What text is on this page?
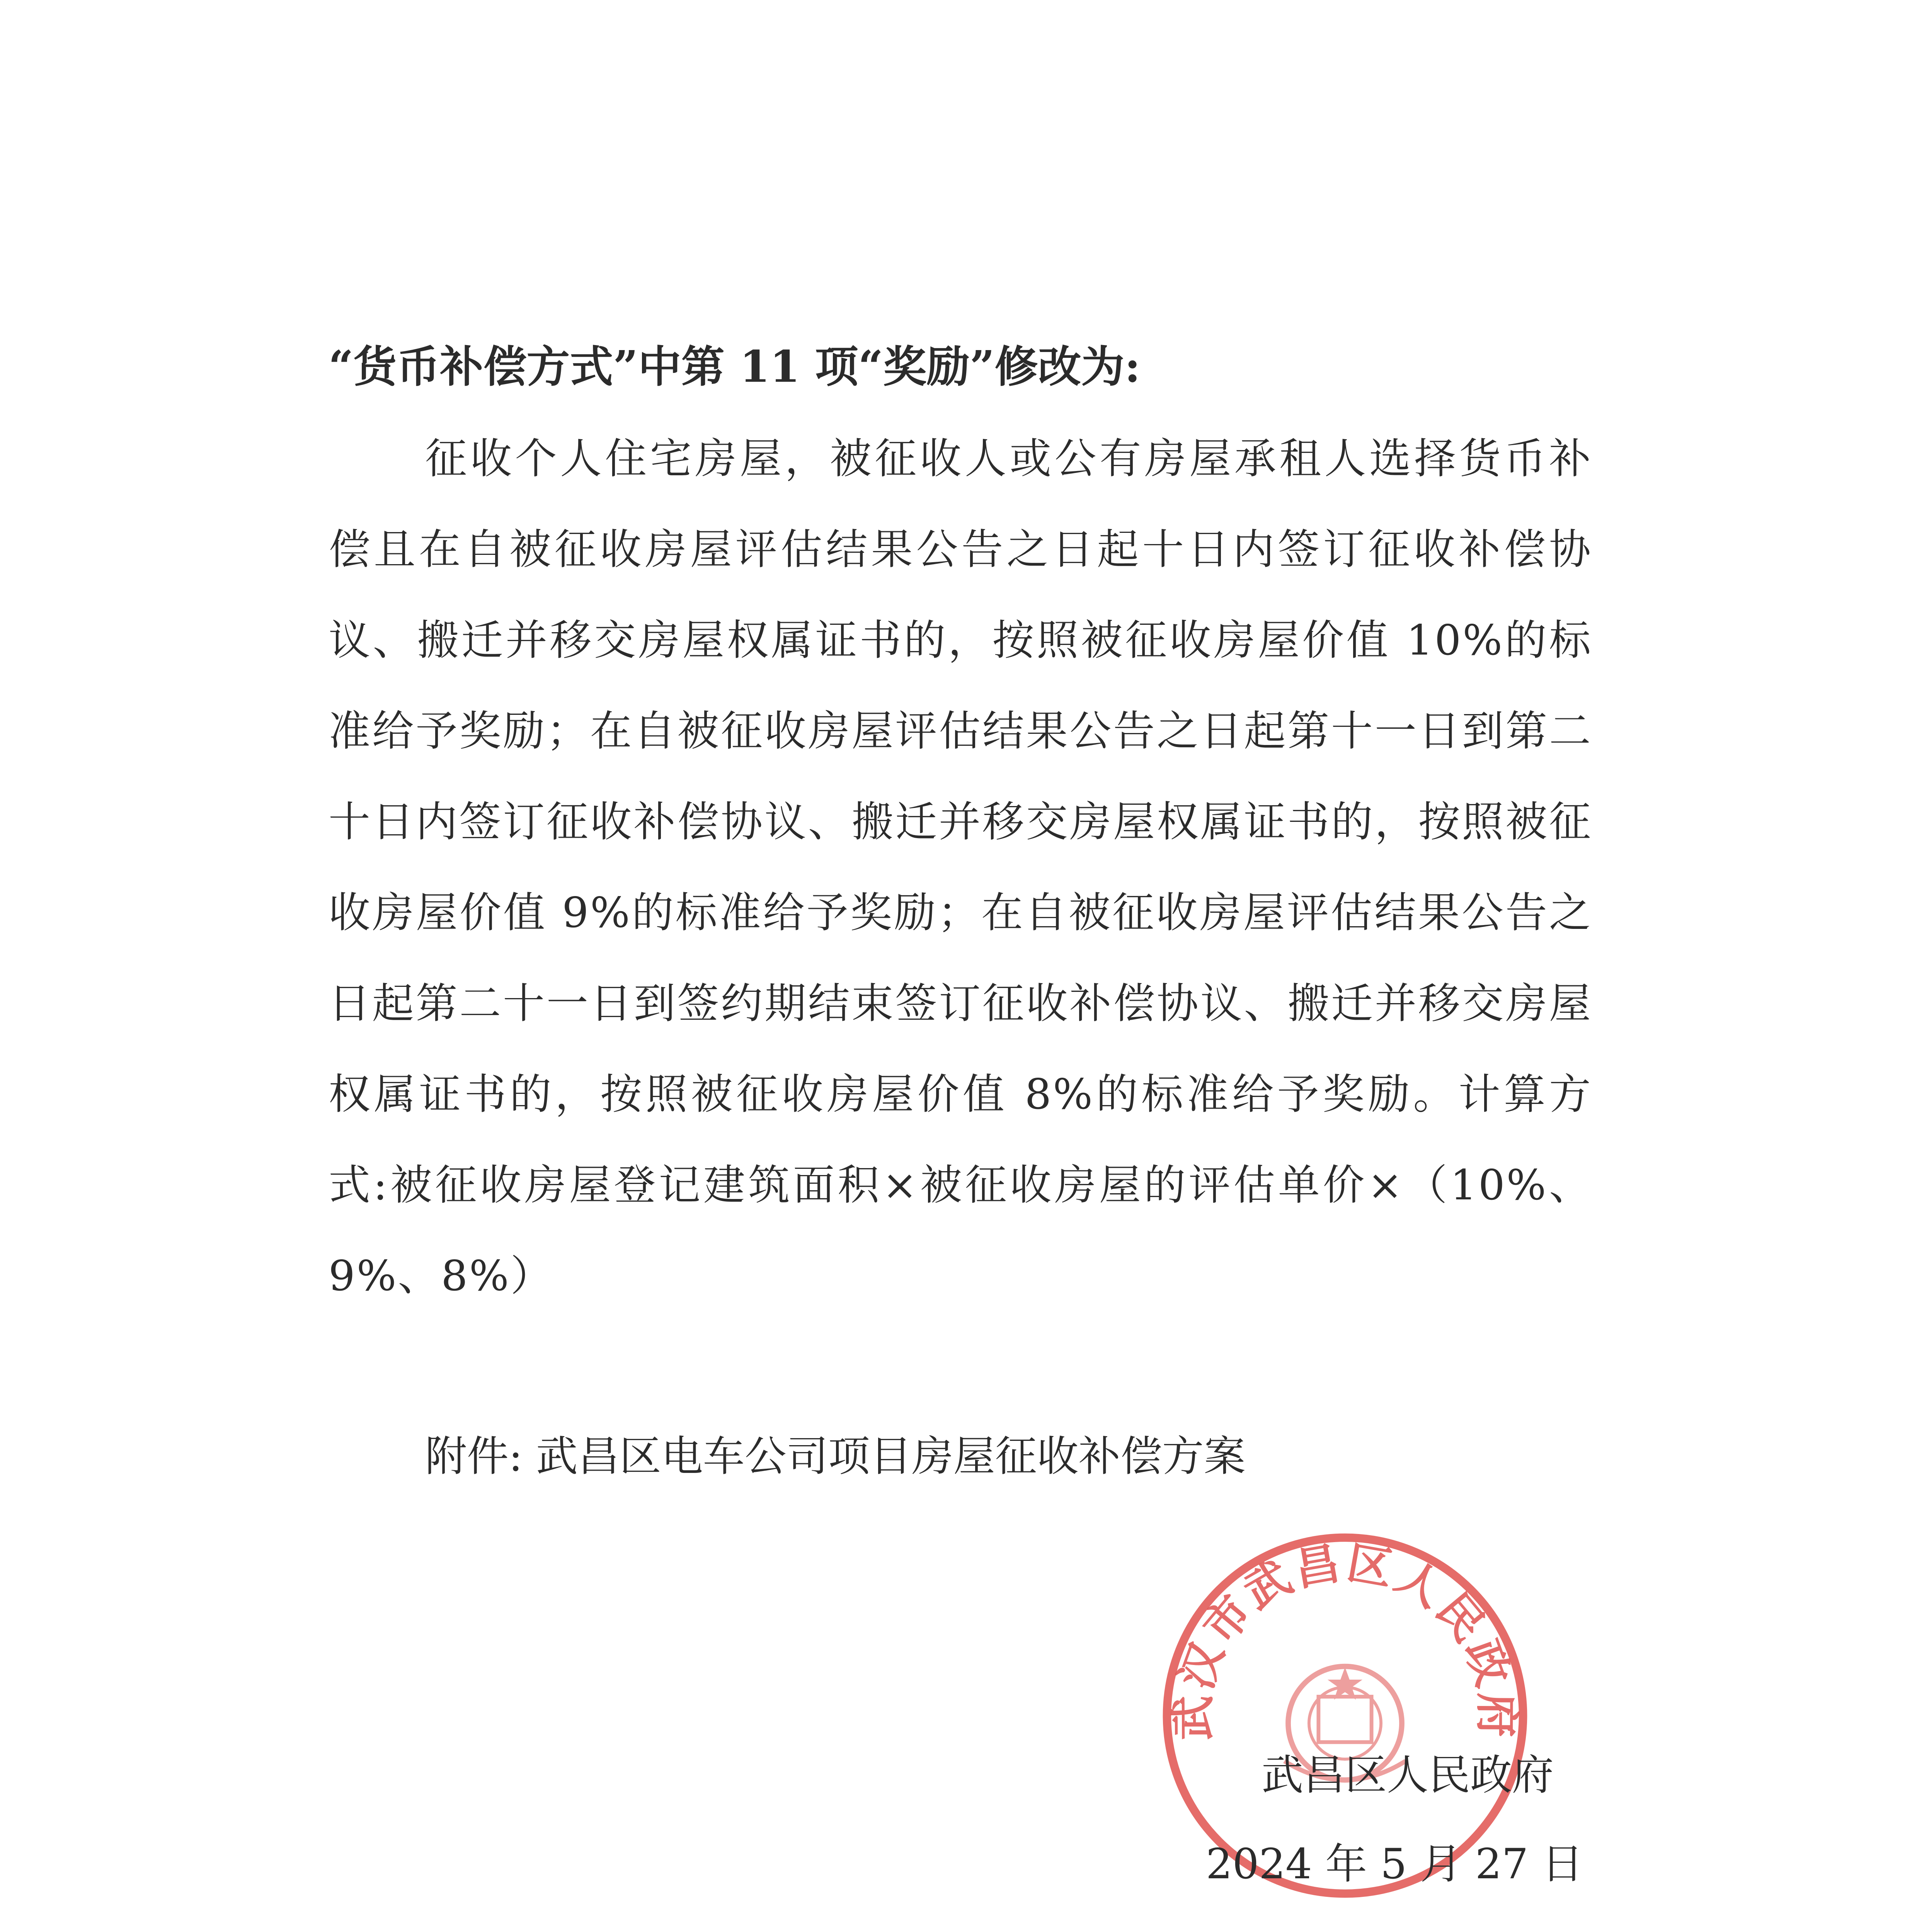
“货币补偿方式”中第 11 项“奖励”修改为:
征收个人住宅房屋，被征收人或公有房屋承租人选择货币补偿且在自被征收房屋评估结果公告之日起十日内签订征收补偿协议、搬迁并移交房屋权属证书的，按照被征收房屋价值 10%的标准给予奖励；在自被征收房屋评估结果公告之日起第十一日到第二十日内签订征收补偿协议、搬迁并移交房屋权属证书的，按照被征收房屋价值 9%的标准给予奖励；在自被征收房屋评估结果公告之日起第二十一日到签约期结束签订征收补偿协议、搬迁并移交房屋权属证书的，按照被征收房屋价值 8%的标准给予奖励。计算方式:被征收房屋登记建筑面积×被征收房屋的评估单价×（10%、9%、8%）
附件: 武昌区电车公司项目房屋征收补偿方案
武汉市武昌区人民政府
武昌区人民政府
2024 年 5 月 27 日
